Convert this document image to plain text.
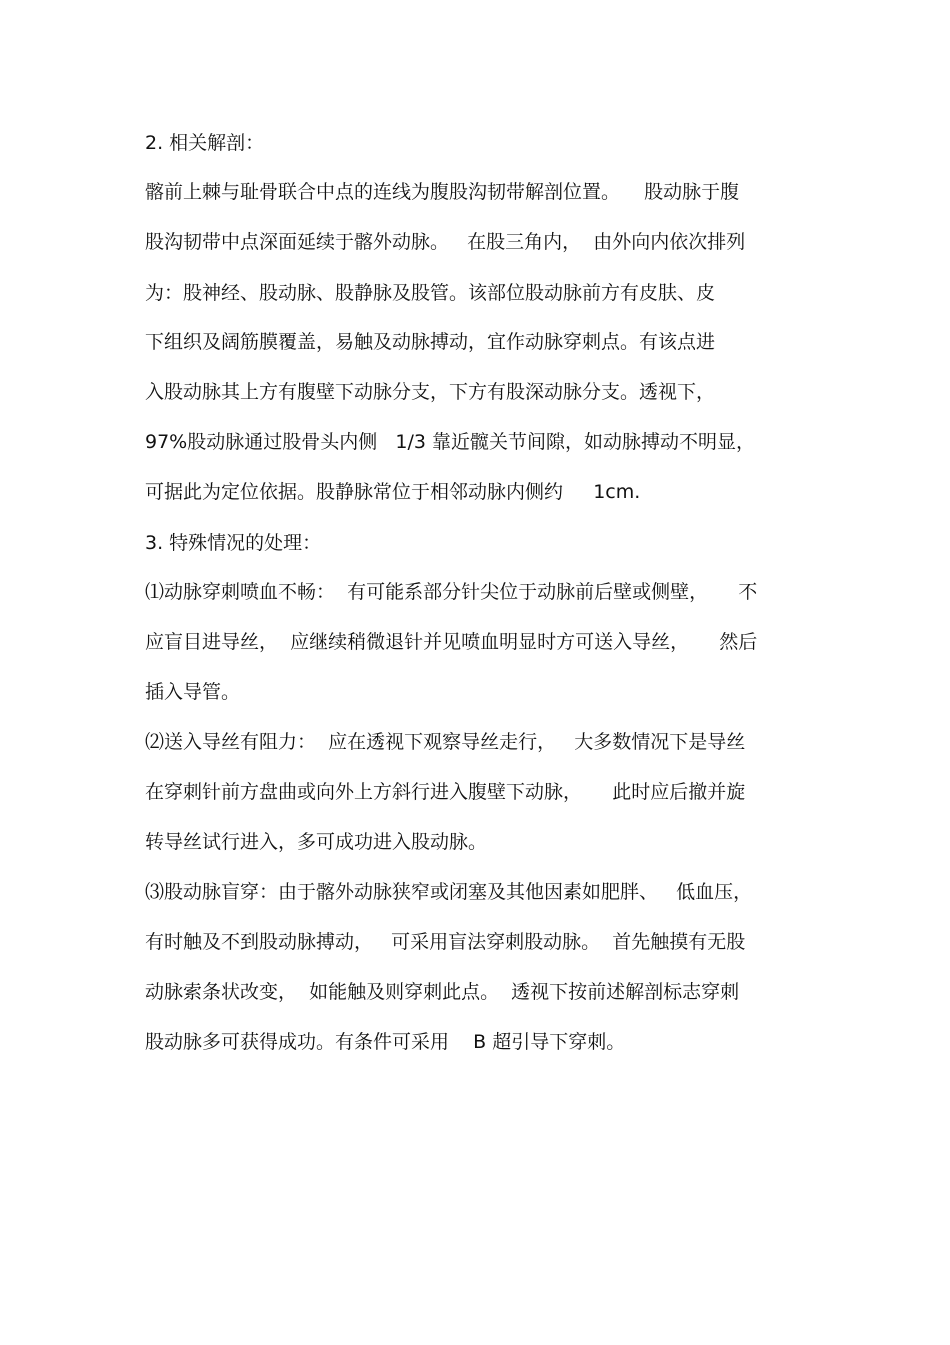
2. 相关解剖：
髂前上棘与耻骨联合中点的连线为腹股沟韧带解剖位置。    股动脉于腹
股沟韧带中点深面延续于髂外动脉。   在股三角内，  由外向内依次排列
为：股神经、股动脉、股静脉及股管。该部位股动脉前方有皮肤、皮
下组织及阔筋膜覆盖，易触及动脉搏动，宜作动脉穿刺点。有该点进
入股动脉其上方有腹壁下动脉分支，下方有股深动脉分支。透视下，
97%股动脉通过股骨头内侧   1/3 靠近髋关节间隙，如动脉搏动不明显，
可据此为定位依据。股静脉常位于相邻动脉内侧约     1cm.
3. 特殊情况的处理：
⑴动脉穿刺喷血不畅：  有可能系部分针尖位于动脉前后壁或侧壁，     不
应盲目进导丝，  应继续稍微退针并见喷血明显时方可送入导丝，     然后
插入导管。
⑵送入导丝有阻力：  应在透视下观察导丝走行，   大多数情况下是导丝
在穿刺针前方盘曲或向外上方斜行进入腹壁下动脉，     此时应后撤并旋
转导丝试行进入，多可成功进入股动脉。
⑶股动脉盲穿：由于髂外动脉狭窄或闭塞及其他因素如肥胖、   低血压，
有时触及不到股动脉搏动，   可采用盲法穿刺股动脉。  首先触摸有无股
动脉索条状改变，  如能触及则穿刺此点。  透视下按前述解剖标志穿刺
股动脉多可获得成功。有条件可采用    B 超引导下穿刺。
